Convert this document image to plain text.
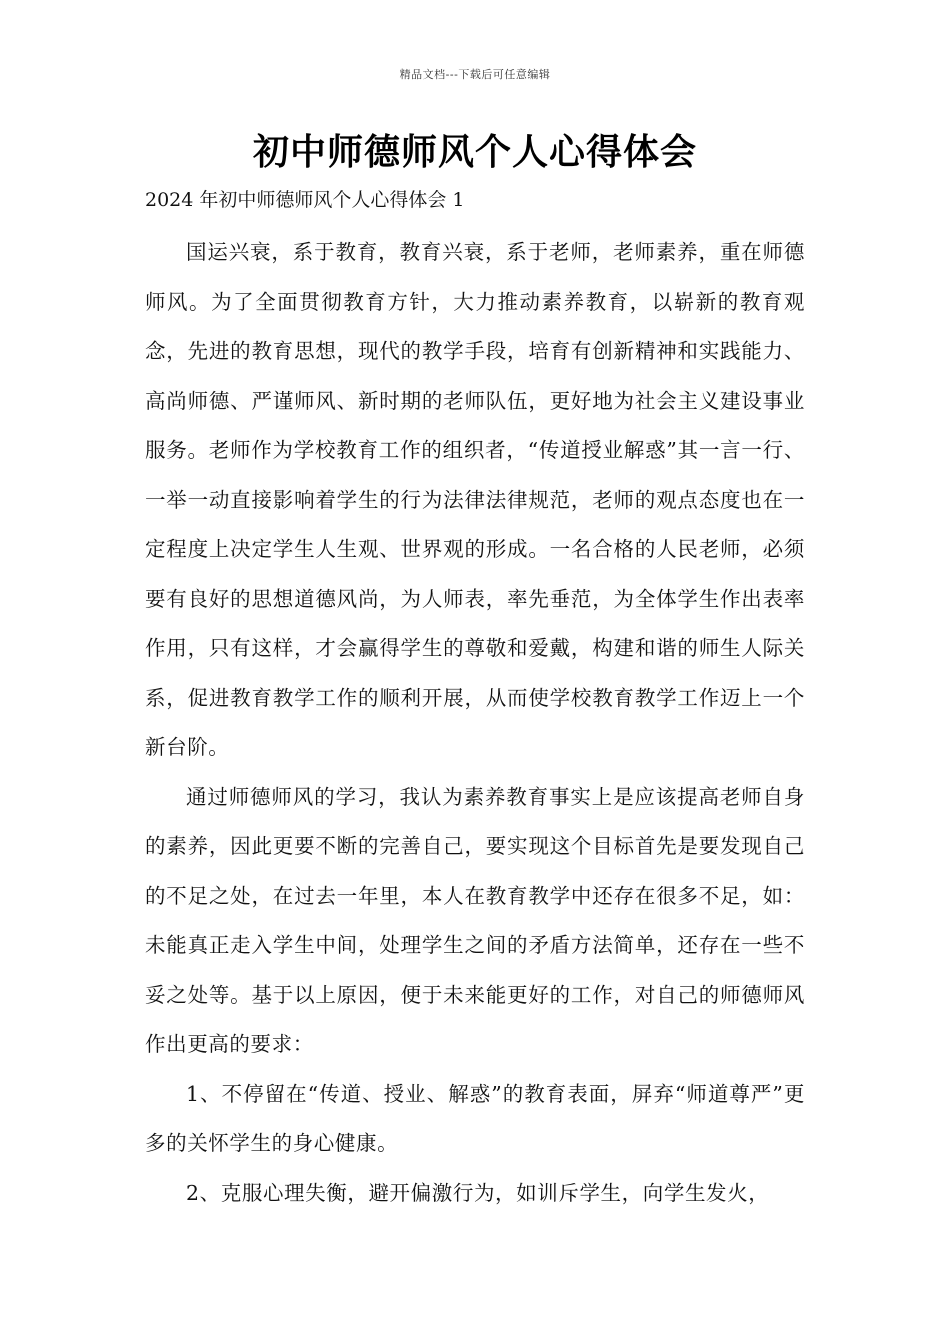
精品文档---下载后可任意编辑
初中师德师风个人心得体会
2024 年初中师德师风个人心得体会 1

国运兴衰，系于教育，教育兴衰，系于老师，老师素养，重在师德师风。为了全面贯彻教育方针，大力推动素养教育，以崭新的教育观念，先进的教育思想，现代的教学手段，培育有创新精神和实践能力、高尚师德、严谨师风、新时期的老师队伍，更好地为社会主义建设事业服务。老师作为学校教育工作的组织者，“传道授业解惑”其一言一行、一举一动直接影响着学生的行为法律法律规范，老师的观点态度也在一定程度上决定学生人生观、世界观的形成。一名合格的人民老师，必须要有良好的思想道德风尚，为人师表，率先垂范，为全体学生作出表率作用，只有这样，才会赢得学生的尊敬和爱戴，构建和谐的师生人际关系，促进教育教学工作的顺利开展，从而使学校教育教学工作迈上一个新台阶。

通过师德师风的学习，我认为素养教育事实上是应该提高老师自身的素养，因此更要不断的完善自己，要实现这个目标首先是要发现自己的不足之处，在过去一年里，本人在教育教学中还存在很多不足，如：未能真正走入学生中间，处理学生之间的矛盾方法简单，还存在一些不妥之处等。基于以上原因，便于未来能更好的工作，对自己的师德师风作出更高的要求：

1、不停留在“传道、授业、解惑”的教育表面，屏弃“师道尊严”更多的关怀学生的身心健康。

2、克服心理失衡，避开偏激行为，如训斥学生，向学生发火，
